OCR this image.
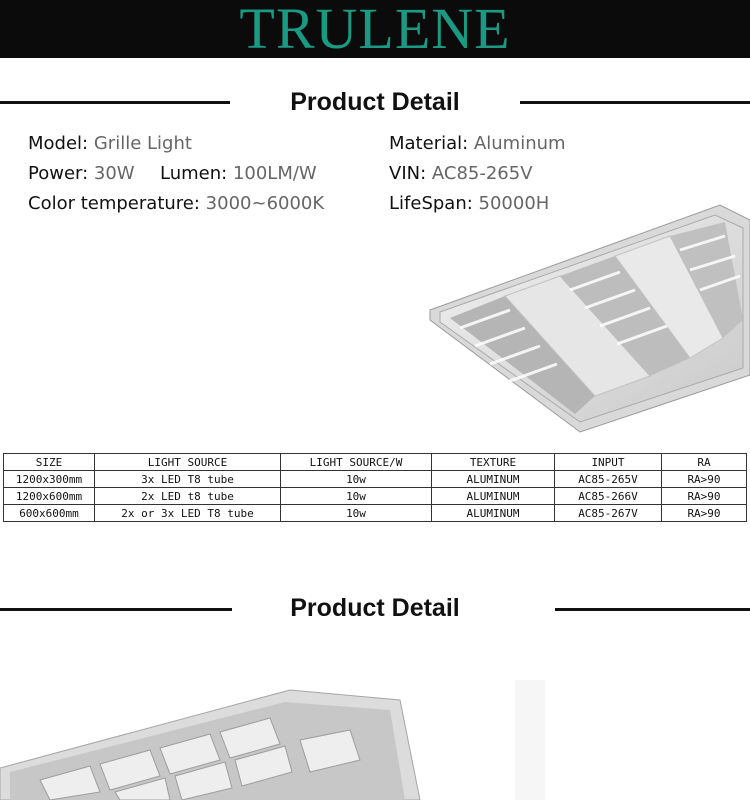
TRULENE
Product Detail
Model: Grille Light	Material: Aluminum
Power: 30W Lumen: 100LM/W	VIN: AC85-265V
Color temperature: 3000~6000K	LifeSpan: 50000H
SIZE	LIGHT SOURCE	LIGHT SOURCE/W	TEXTURE	INPUT	RA
1200x300mm	3x LED T8 tube	10w	ALUMINUM	AC85-265V	RA>90
1200x600mm	2x LED t8 tube	10w	ALUMINUM	AC85-266V	RA>90
600x600mm	2x or 3x LED T8 tube	10w	ALUMINUM	AC85-267V	RA>90
Product Detail
